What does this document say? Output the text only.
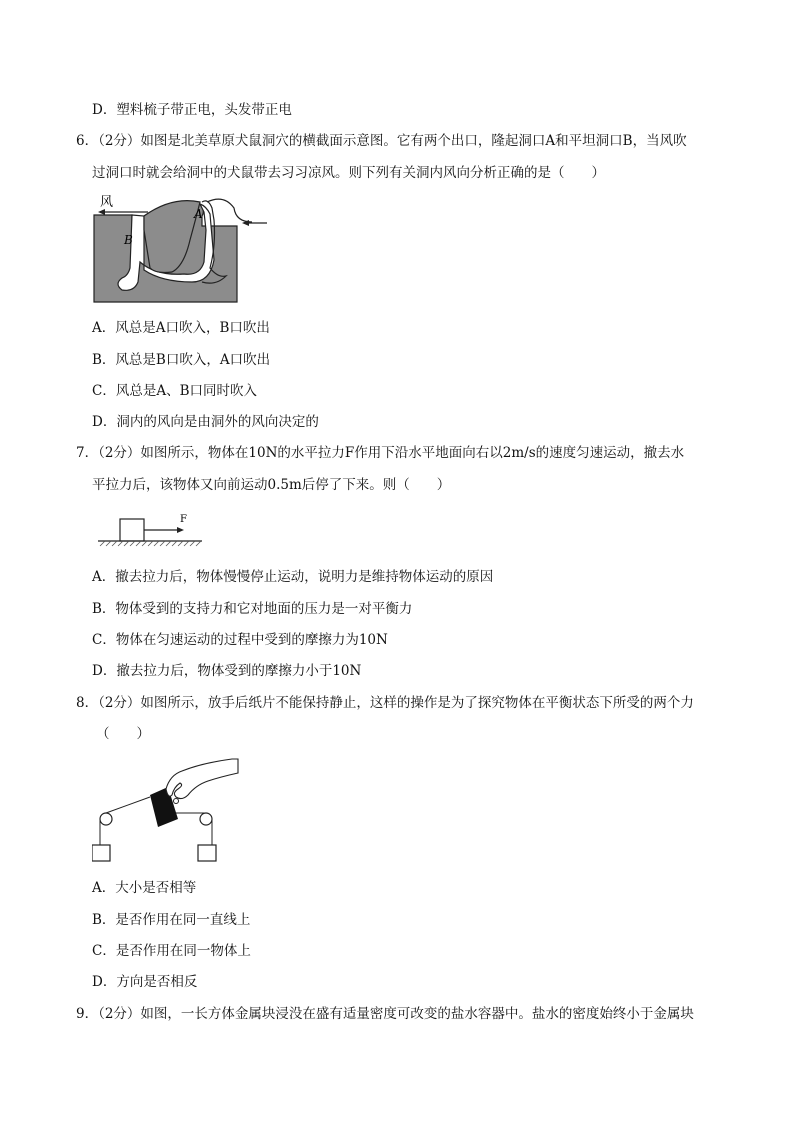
D．塑料梳子带正电，头发带正电
6．（2分）如图是北美草原犬鼠洞穴的横截面示意图。它有两个出口，隆起洞口A和平坦洞口B，当风吹
过洞口时就会给洞中的犬鼠带去习习凉风。则下列有关洞内风向分析正确的是（　　）
风
A
B
A．风总是A口吹入，B口吹出
B．风总是B口吹入，A口吹出
C．风总是A、B口同时吹入
D．洞内的风向是由洞外的风向决定的
7．（2分）如图所示，物体在10N的水平拉力F作用下沿水平地面向右以2m/s的速度匀速运动，撤去水
平拉力后，该物体又向前运动0.5m后停了下来。则（　　）
F
A．撤去拉力后，物体慢慢停止运动，说明力是维持物体运动的原因
B．物体受到的支持力和它对地面的压力是一对平衡力
C．物体在匀速运动的过程中受到的摩擦力为10N
D．撤去拉力后，物体受到的摩擦力小于10N
8．（2分）如图所示，放手后纸片不能保持静止，这样的操作是为了探究物体在平衡状态下所受的两个力
（　　）
A．大小是否相等
B．是否作用在同一直线上
C．是否作用在同一物体上
D．方向是否相反
9．（2分）如图，一长方体金属块浸没在盛有适量密度可改变的盐水容器中。盐水的密度始终小于金属块
